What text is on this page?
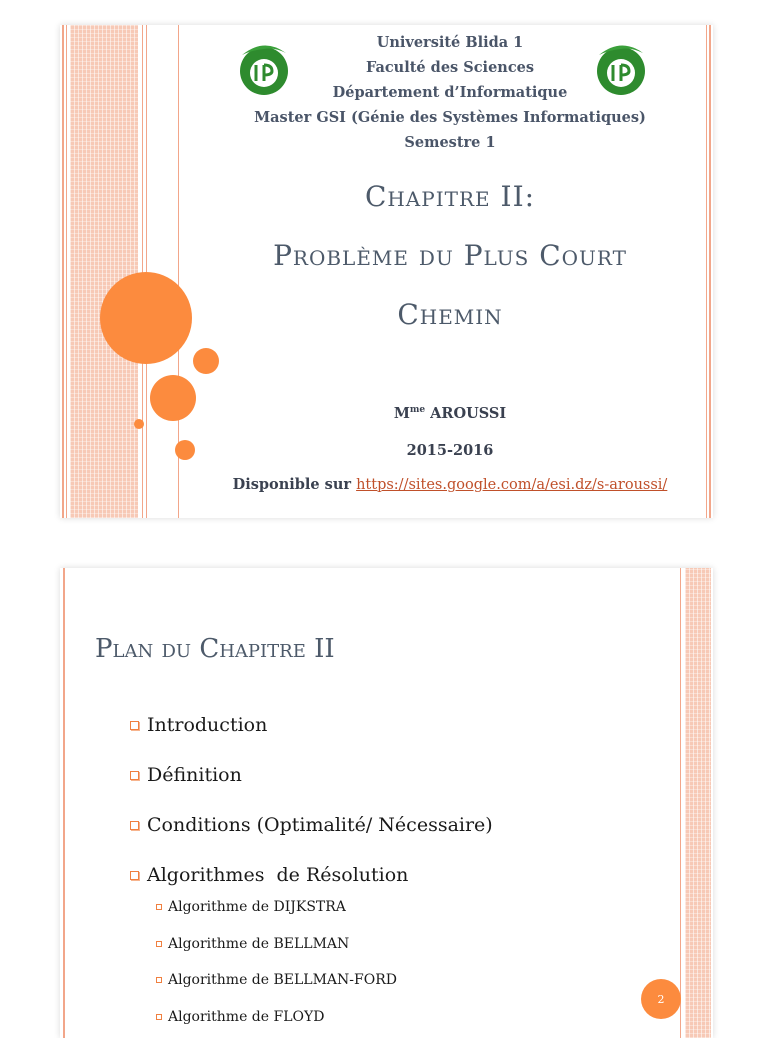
Université Blida 1
Faculté des Sciences
Département d’Informatique
Master GSI (Génie des Systèmes Informatiques)
Semestre 1
Chapitre II:
Problème du Plus Court
Chemin
$M^{me}$ AROUSSI
2015-2016
Disponible sur https://sites.google.com/a/esi.dz/s-aroussi/
Plan du Chapitre II
Introduction
Définition
Conditions (Optimalité/ Nécessaire)
Algorithmes  de Résolution
Algorithme de DIJKSTRA
Algorithme de BELLMAN
Algorithme de BELLMAN-FORD
Algorithme de FLOYD
2
